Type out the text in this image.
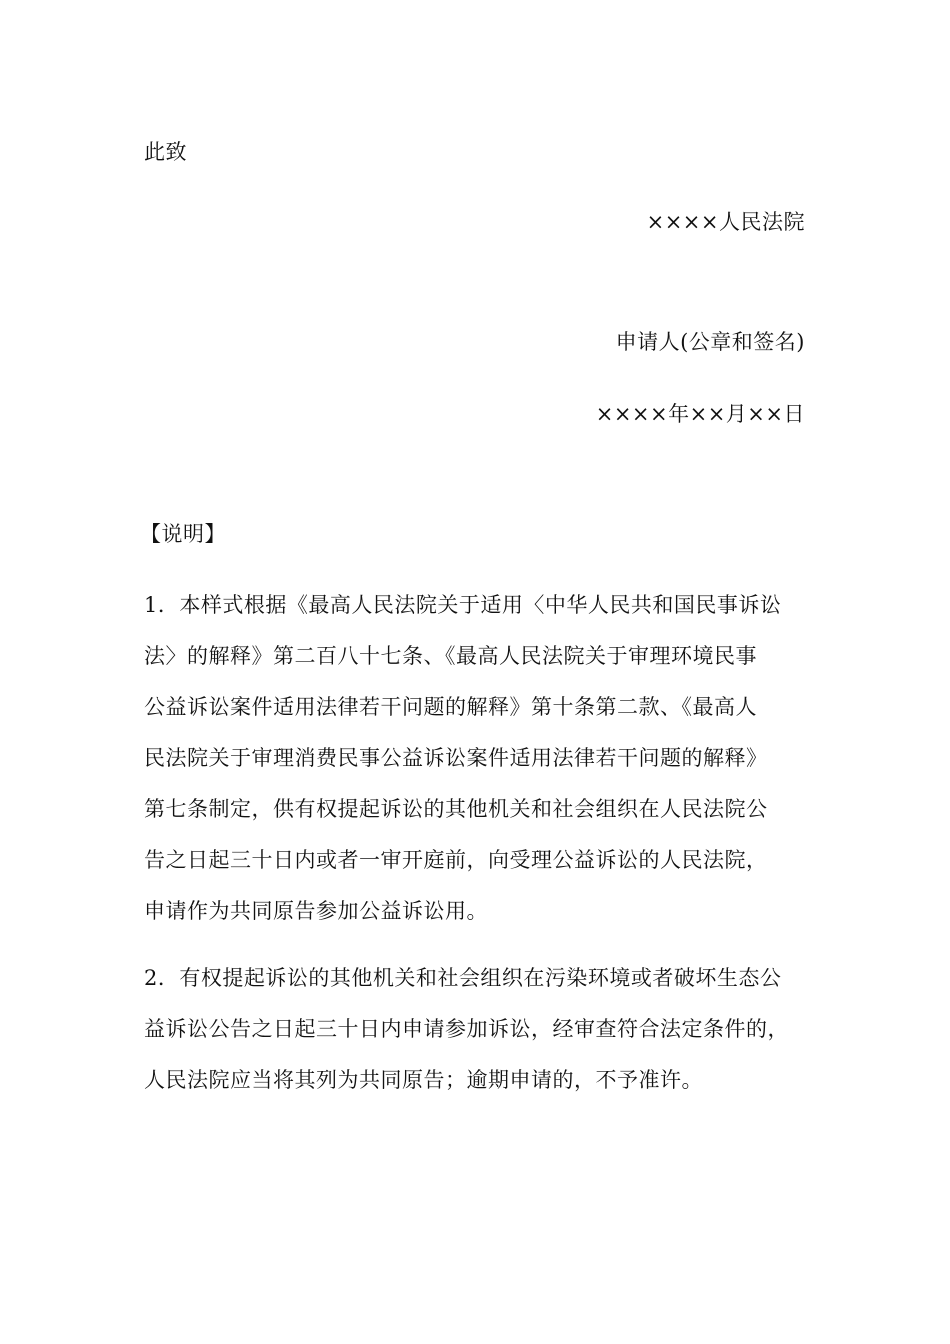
此致
××××人民法院
申请人(公章和签名)
××××年××月××日
【说明】
1．本样式根据《最高人民法院关于适用〈中华人民共和国民事诉讼
法〉的解释》第二百八十七条、《最高人民法院关于审理环境民事
公益诉讼案件适用法律若干问题的解释》第十条第二款、《最高人
民法院关于审理消费民事公益诉讼案件适用法律若干问题的解释》
第七条制定，供有权提起诉讼的其他机关和社会组织在人民法院公
告之日起三十日内或者一审开庭前，向受理公益诉讼的人民法院，
申请作为共同原告参加公益诉讼用。
2．有权提起诉讼的其他机关和社会组织在污染环境或者破坏生态公
益诉讼公告之日起三十日内申请参加诉讼，经审查符合法定条件的，
人民法院应当将其列为共同原告；逾期申请的，不予准许。
